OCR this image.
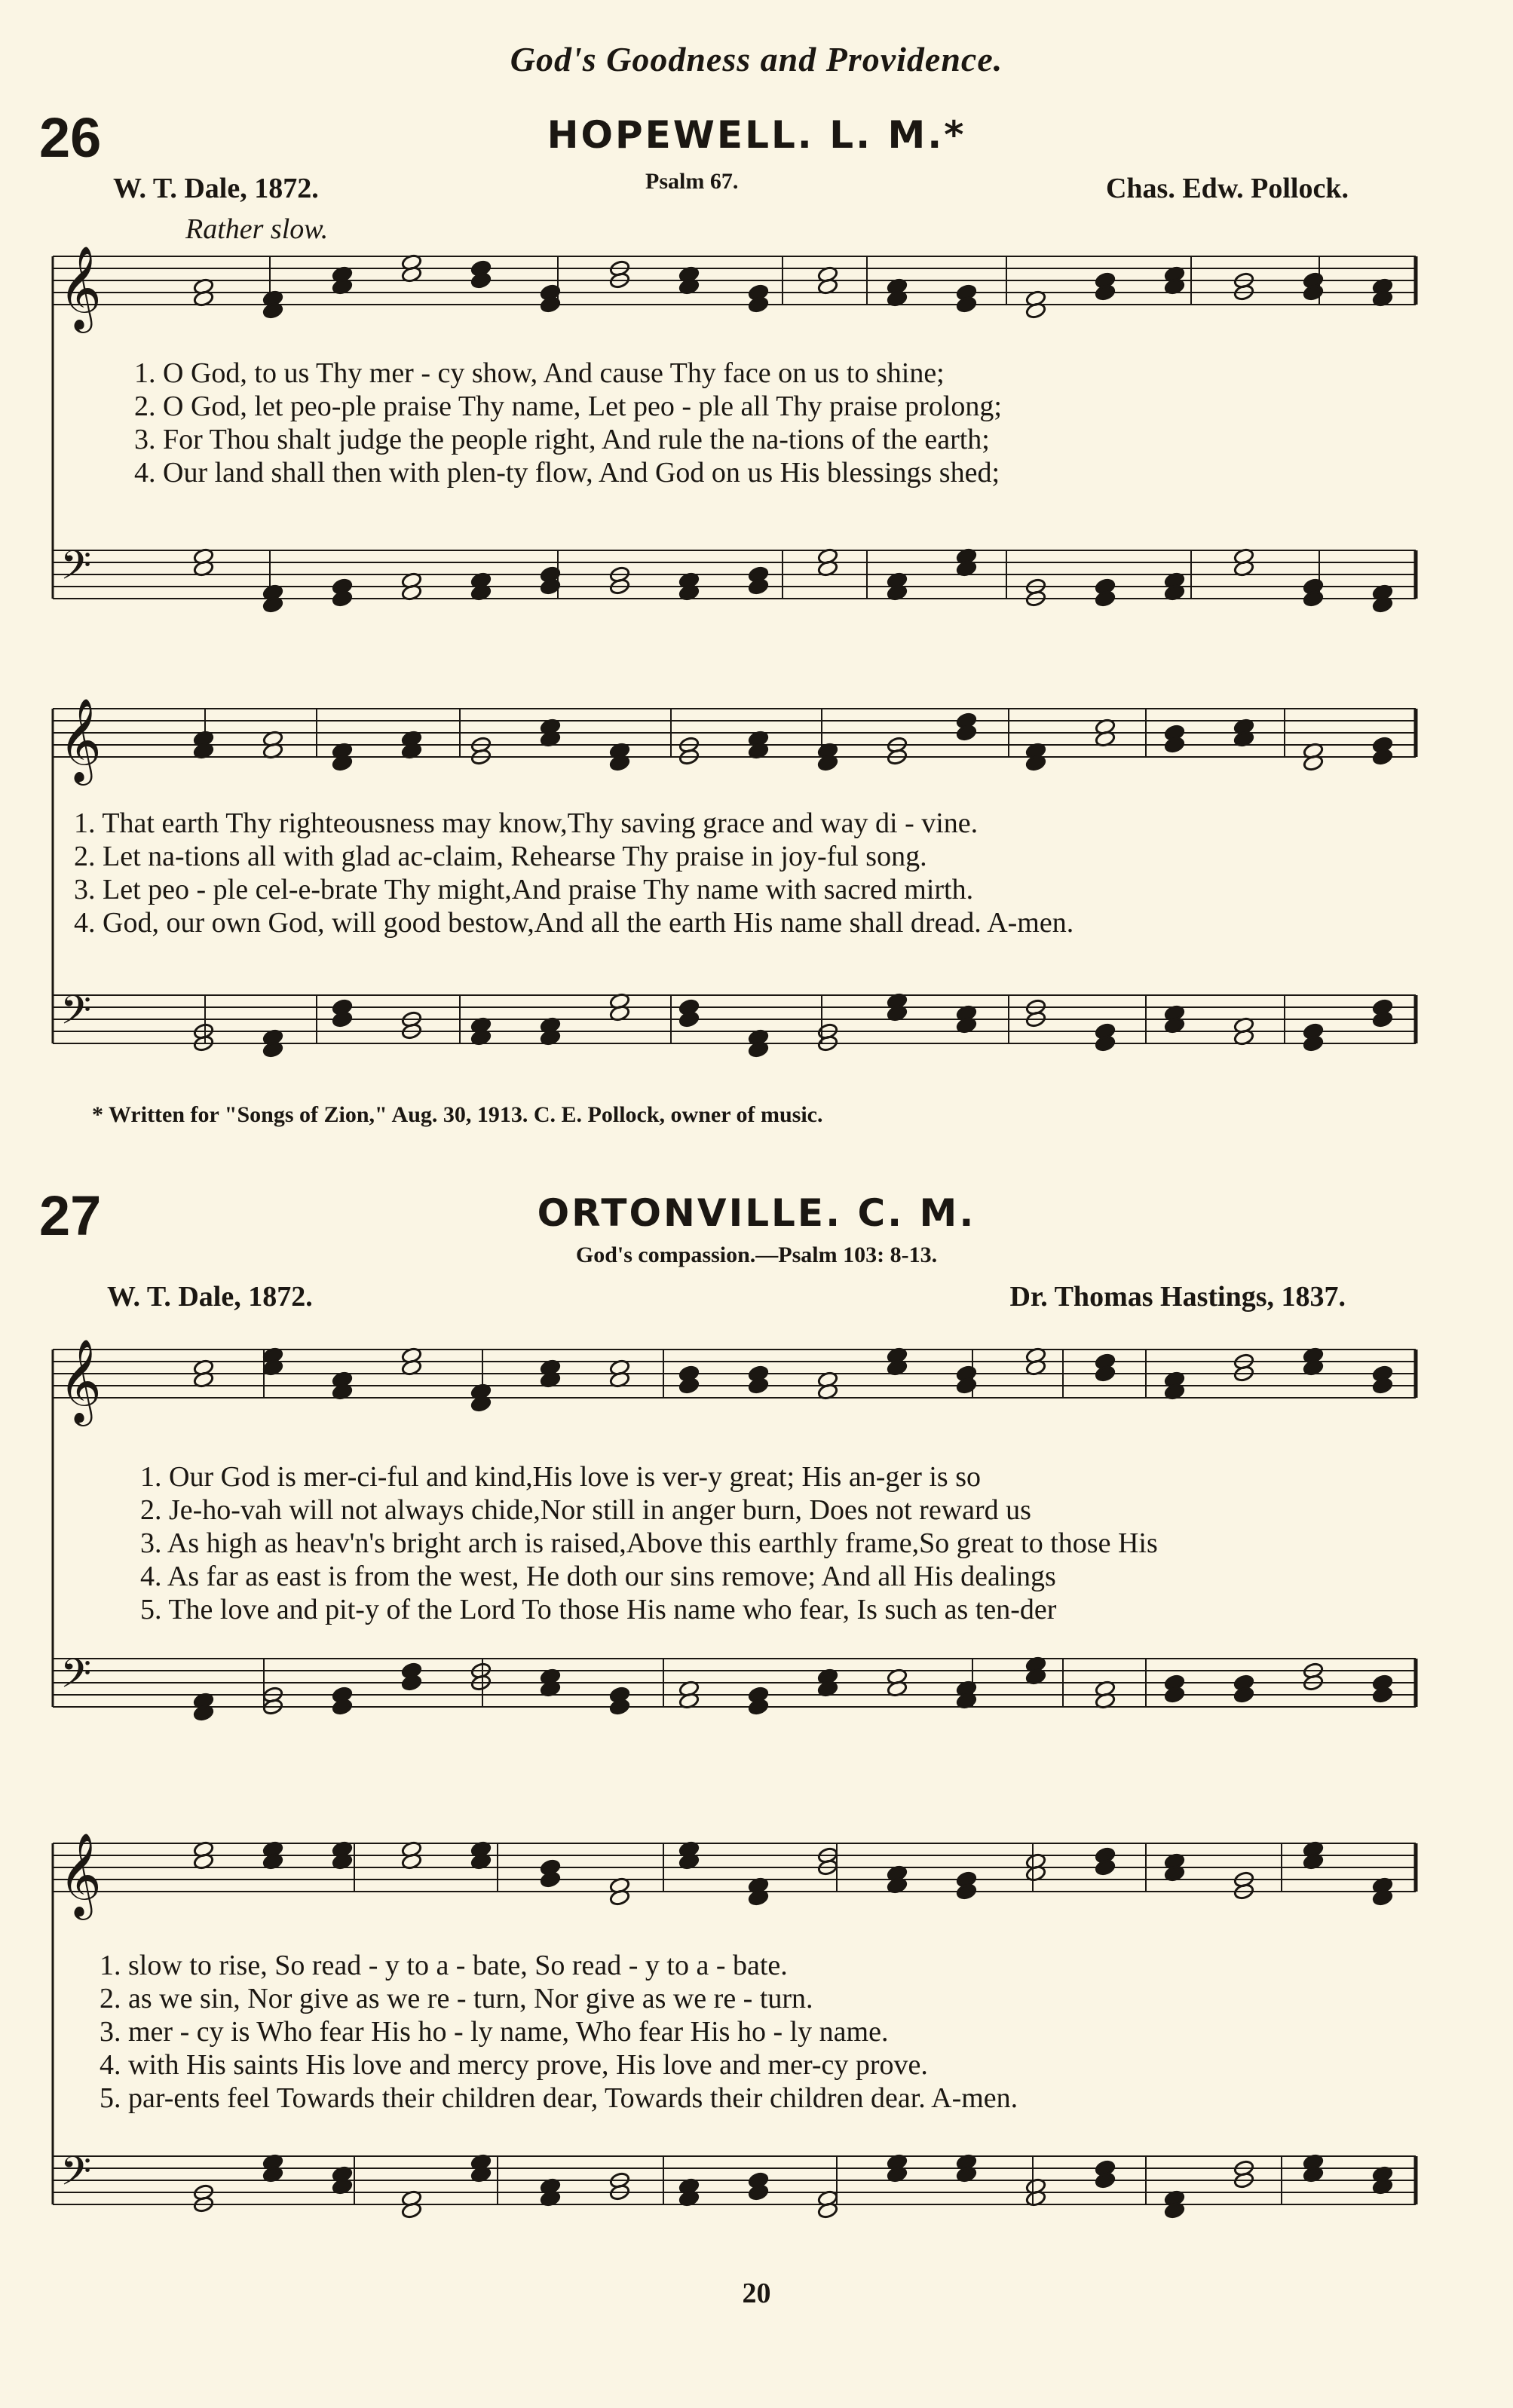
𝄞
𝄢
𝄞
𝄢
𝄞
𝄢
𝄞
𝄢
God's Goodness and Providence.
26	HOPEWELL. L. M.*
W. T. Dale, 1872.	Psalm 67.	Chas. Edw. Pollock.
Rather slow.
1. O God, to us Thy mer - cy show, And cause Thy face on us to shine;
2. O God, let peo-ple praise Thy name, Let peo - ple all Thy praise prolong;
3. For Thou shalt judge the people right, And rule the na-tions of the earth;
4. Our land shall then with plen-ty flow, And God on us His blessings shed;
1. That earth Thy righteousness may know,Thy saving grace and way di - vine.
2. Let na-tions all with glad ac-claim, Rehearse Thy praise in joy-ful song.
3. Let peo - ple cel-e-brate Thy might,And praise Thy name with sacred mirth.
4. God, our own God, will good bestow,And all the earth His name shall dread. A-men.
* Written for "Songs of Zion," Aug. 30, 1913. C. E. Pollock, owner of music.
27	ORTONVILLE. C. M.
God's compassion.—Psalm 103: 8-13.
W. T. Dale, 1872.	Dr. Thomas Hastings, 1837.
1. Our God is mer-ci-ful and kind,His love is ver-y great; His an-ger is so
2. Je-ho-vah will not always chide,Nor still in anger burn, Does not reward us
3. As high as heav'n's bright arch is raised,Above this earthly frame,So great to those His
4. As far as east is from the west, He doth our sins remove; And all His dealings
5. The love and pit-y of the Lord To those His name who fear, Is such as ten-der
1. slow to rise, So read - y to a - bate, So read - y to a - bate.
2. as we sin, Nor give as we re - turn, Nor give as we re - turn.
3. mer - cy is Who fear His ho - ly name, Who fear His ho - ly name.
4. with His saints His love and mercy prove, His love and mer-cy prove.
5. par-ents feel Towards their children dear, Towards their children dear. A-men.
20
